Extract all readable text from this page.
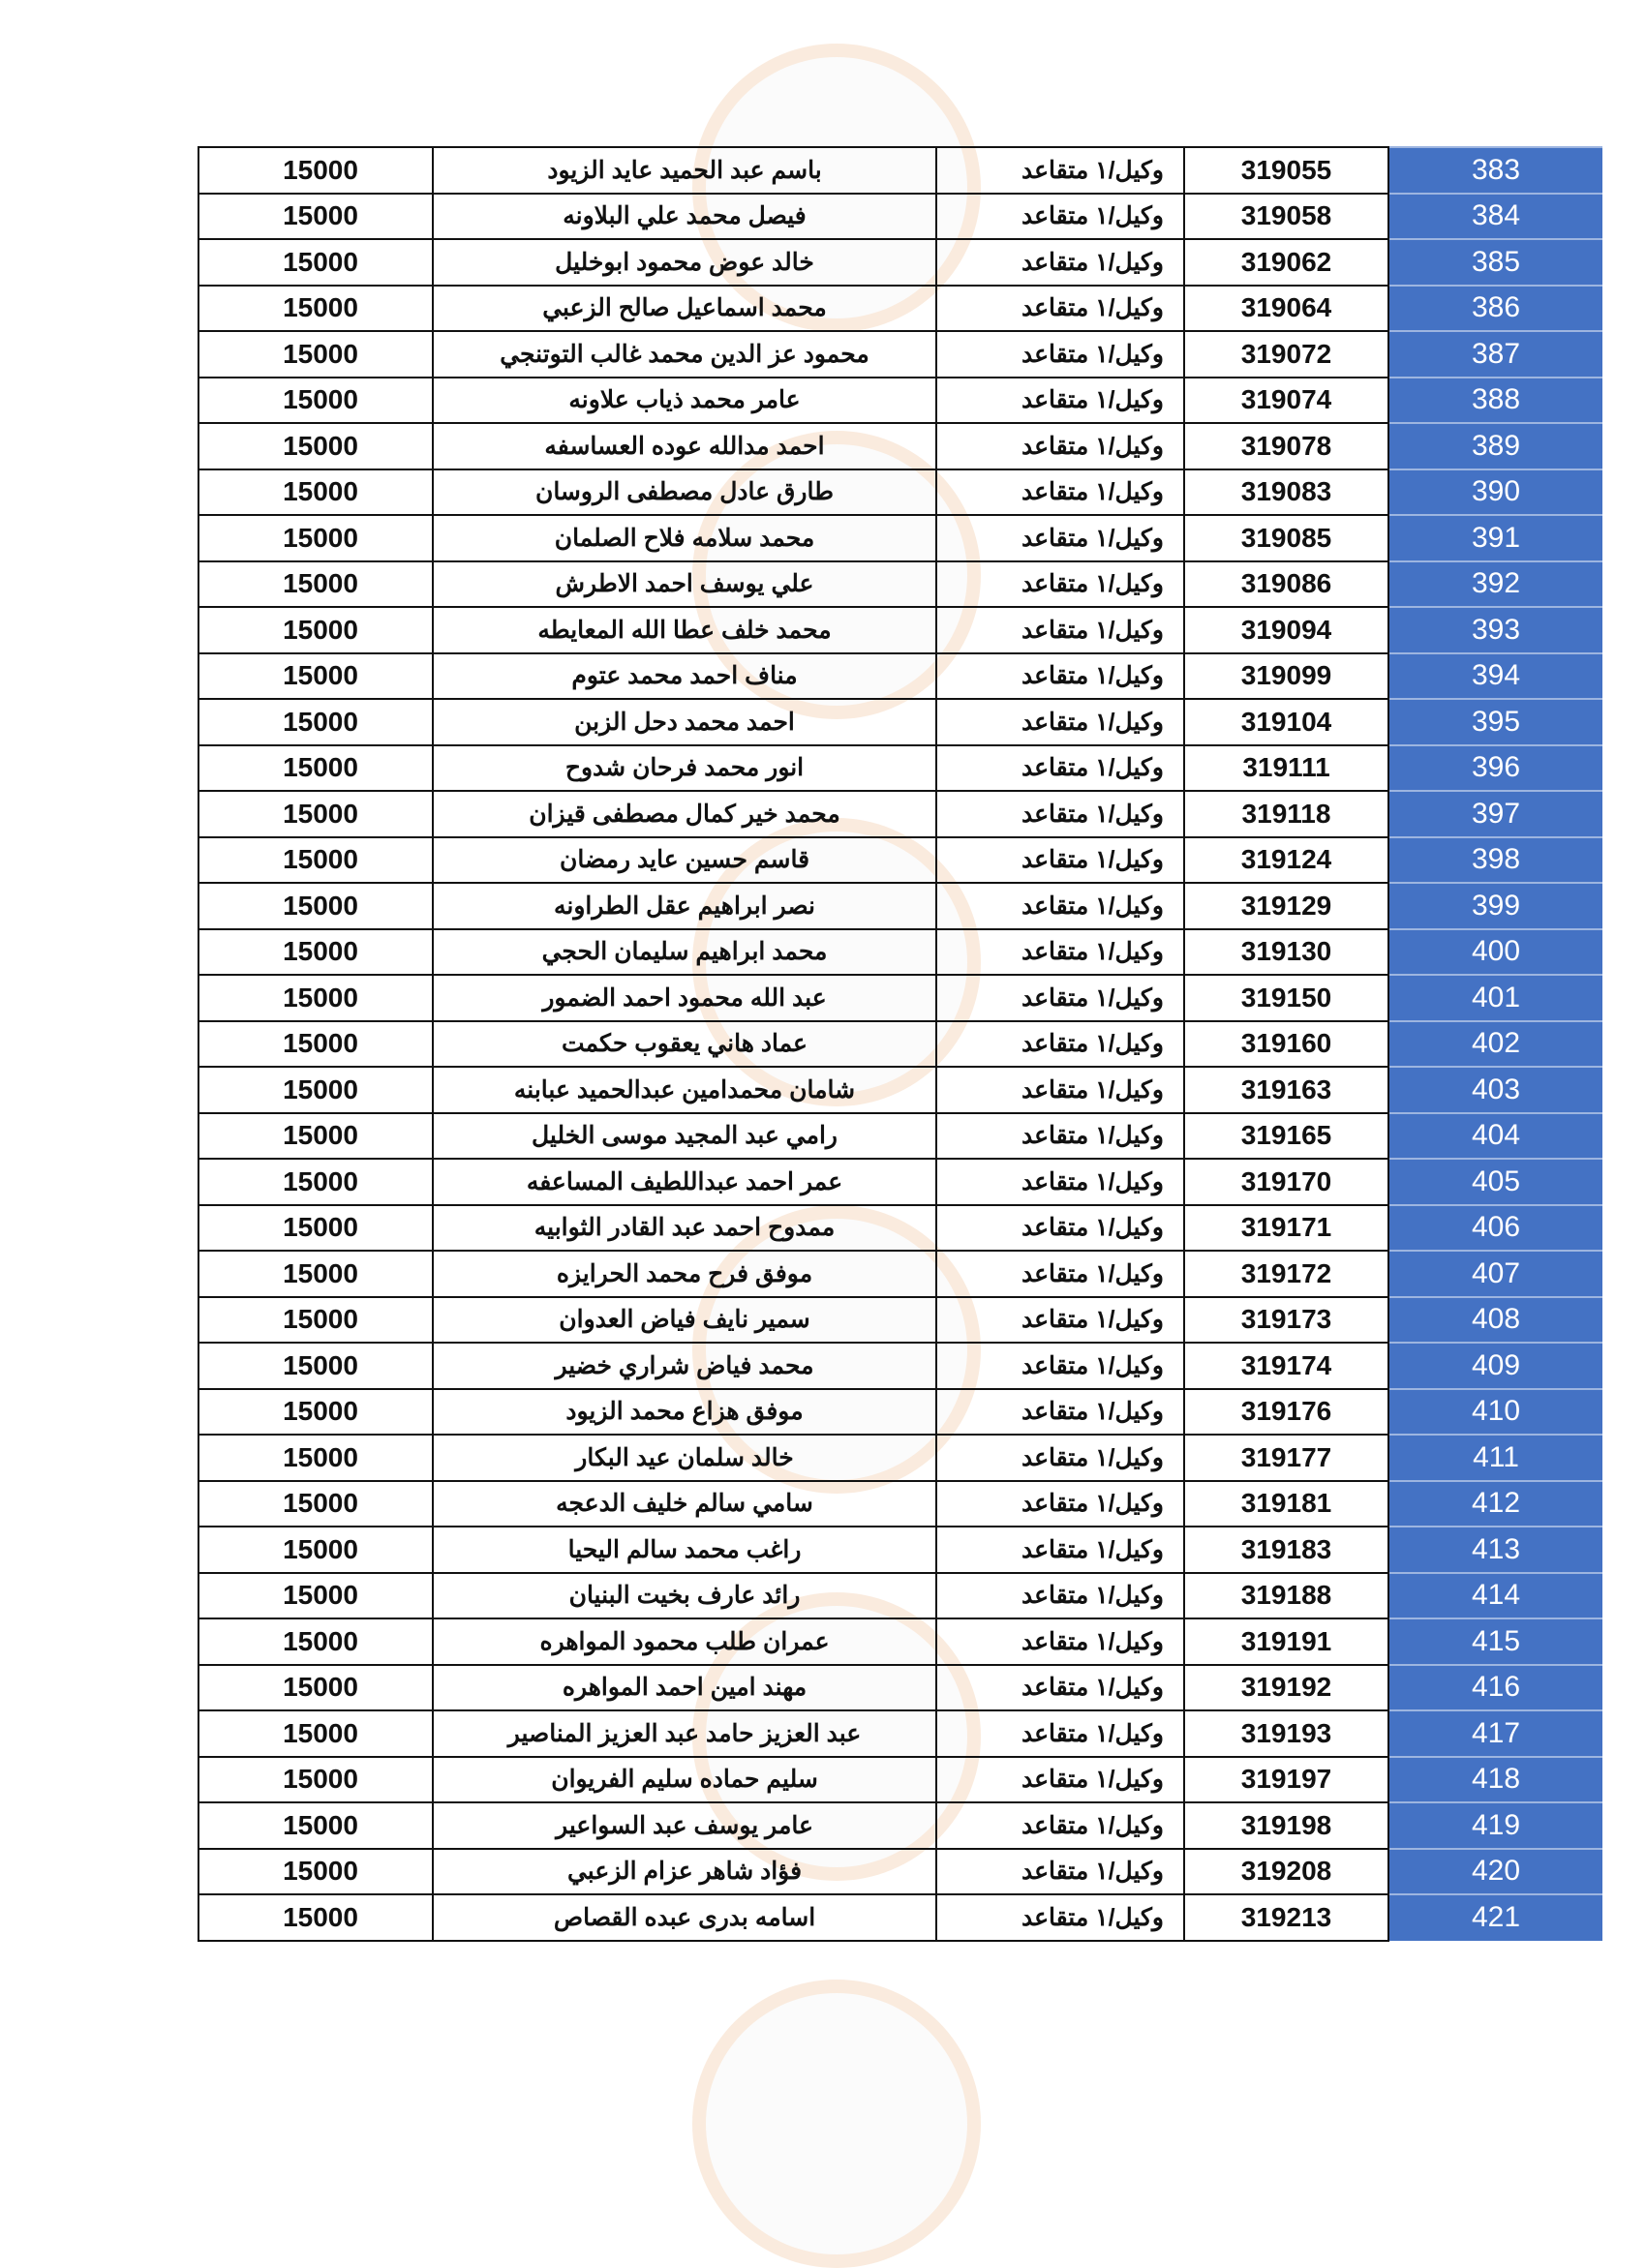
15000	باسم عبد الحميد عايد الزيود	وكيل/١ متقاعد	319055	383
15000	فيصل محمد علي البلاونه	وكيل/١ متقاعد	319058	384
15000	خالد عوض محمود ابوخليل	وكيل/١ متقاعد	319062	385
15000	محمد اسماعيل صالح الزعبي	وكيل/١ متقاعد	319064	386
15000	محمود عز الدين محمد غالب التوتنجي	وكيل/١ متقاعد	319072	387
15000	عامر محمد ذياب علاونه	وكيل/١ متقاعد	319074	388
15000	احمد مدالله عوده العساسفه	وكيل/١ متقاعد	319078	389
15000	طارق عادل مصطفى الروسان	وكيل/١ متقاعد	319083	390
15000	محمد سلامه فلاح الصلمان	وكيل/١ متقاعد	319085	391
15000	علي يوسف احمد الاطرش	وكيل/١ متقاعد	319086	392
15000	محمد خلف عطا الله المعايطه	وكيل/١ متقاعد	319094	393
15000	مناف احمد محمد عتوم	وكيل/١ متقاعد	319099	394
15000	احمد محمد دحل الزبن	وكيل/١ متقاعد	319104	395
15000	انور محمد فرحان شدوح	وكيل/١ متقاعد	319111	396
15000	محمد خير كمال مصطفى قيزان	وكيل/١ متقاعد	319118	397
15000	قاسم حسين عايد رمضان	وكيل/١ متقاعد	319124	398
15000	نصر ابراهيم عقل الطراونه	وكيل/١ متقاعد	319129	399
15000	محمد ابراهيم سليمان الحجي	وكيل/١ متقاعد	319130	400
15000	عبد الله محمود احمد الضمور	وكيل/١ متقاعد	319150	401
15000	عماد هاني يعقوب حكمت	وكيل/١ متقاعد	319160	402
15000	شامان محمدامين عبدالحميد عبابنه	وكيل/١ متقاعد	319163	403
15000	رامي عبد المجيد موسى الخليل	وكيل/١ متقاعد	319165	404
15000	عمر احمد عبداللطيف المساعفه	وكيل/١ متقاعد	319170	405
15000	ممدوح احمد عبد القادر الثوابيه	وكيل/١ متقاعد	319171	406
15000	موفق فرح محمد الحرايزه	وكيل/١ متقاعد	319172	407
15000	سمير نايف فياض العدوان	وكيل/١ متقاعد	319173	408
15000	محمد فياض شراري خضير	وكيل/١ متقاعد	319174	409
15000	موفق هزاع محمد الزيود	وكيل/١ متقاعد	319176	410
15000	خالد سلمان عيد البكار	وكيل/١ متقاعد	319177	411
15000	سامي سالم خليف الدعجه	وكيل/١ متقاعد	319181	412
15000	راغب محمد سالم اليحيا	وكيل/١ متقاعد	319183	413
15000	رائد عارف بخيت البنيان	وكيل/١ متقاعد	319188	414
15000	عمران طلب محمود المواهره	وكيل/١ متقاعد	319191	415
15000	مهند امين احمد المواهره	وكيل/١ متقاعد	319192	416
15000	عبد العزيز حامد عبد العزيز المناصير	وكيل/١ متقاعد	319193	417
15000	سليم حماده سليم الفريوان	وكيل/١ متقاعد	319197	418
15000	عامر يوسف عبد السواعير	وكيل/١ متقاعد	319198	419
15000	فؤاد شاهر عزام الزعبي	وكيل/١ متقاعد	319208	420
15000	اسامه بدرى عبده القصاص	وكيل/١ متقاعد	319213	421
